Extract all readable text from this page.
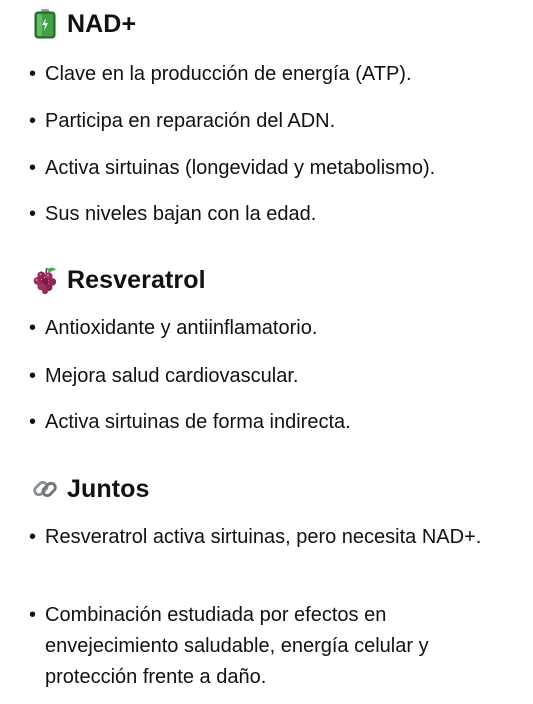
NAD+
• Clave en la producción de energía (ATP).
• Participa en reparación del ADN.
• Activa sirtuinas (longevidad y metabolismo).
• Sus niveles bajan con la edad.
Resveratrol
• Antioxidante y antiinflamatorio.
• Mejora salud cardiovascular.
• Activa sirtuinas de forma indirecta.
Juntos
• Resveratrol activa sirtuinas, pero necesita NAD+.
• Combinación estudiada por efectos en envejecimiento saludable, energía celular y protección frente a daño.
